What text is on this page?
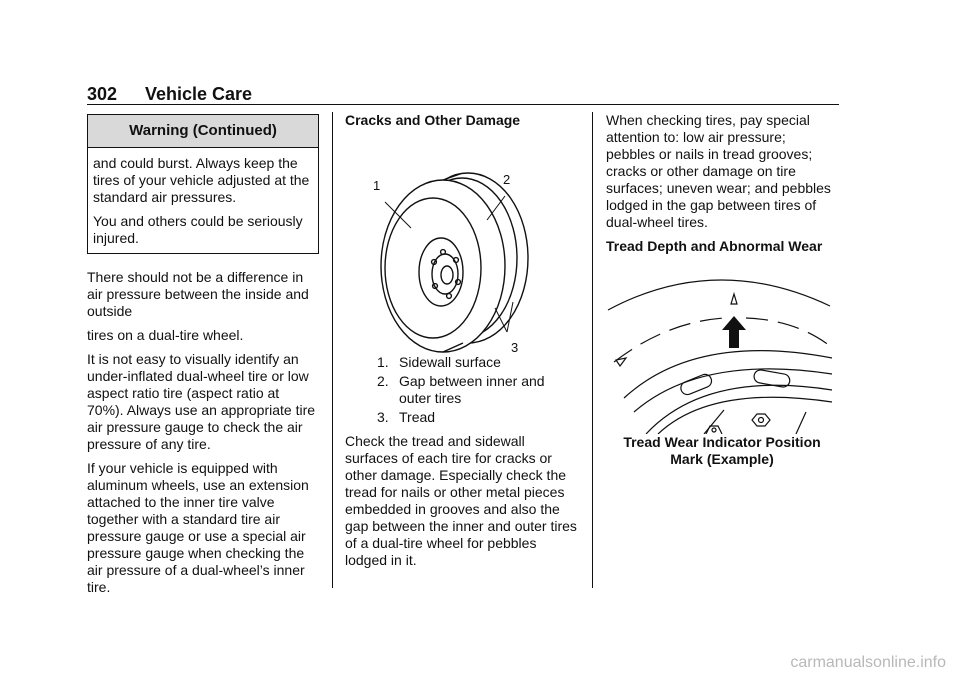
302 Vehicle Care
Warning (Continued)

and could burst. Always keep the tires of your vehicle adjusted at the standard air pressures.

You and others could be seriously injured.

There should not be a difference in air pressure between the inside and outside

tires on a dual-tire wheel.

It is not easy to visually identify an under-inflated dual-wheel tire or low aspect ratio tire (aspect ratio at 70%). Always use an appropriate tire air pressure gauge to check the air pressure of any tire.

If your vehicle is equipped with aluminum wheels, use an extension attached to the inner tire valve together with a standard tire air pressure gauge or use a special air pressure gauge when checking the air pressure of a dual-wheel’s inner tire.

Cracks and Other Damage

1	2
3
1. Sidewall surface
2. Gap between inner and outer tires
3. Tread

Check the tread and sidewall surfaces of each tire for cracks or other damage. Especially check the tread for nails or other metal pieces embedded in grooves and also the gap between the inner and outer tires of a dual-tire wheel for pebbles lodged in it.

When checking tires, pay special attention to: low air pressure; pebbles or nails in tread grooves; cracks or other damage on tire surfaces; uneven wear; and pebbles lodged in the gap between tires of dual-wheel tires.

Tread Depth and Abnormal Wear

Tread Wear Indicator Position Mark (Example)

carmanualsonline.info
